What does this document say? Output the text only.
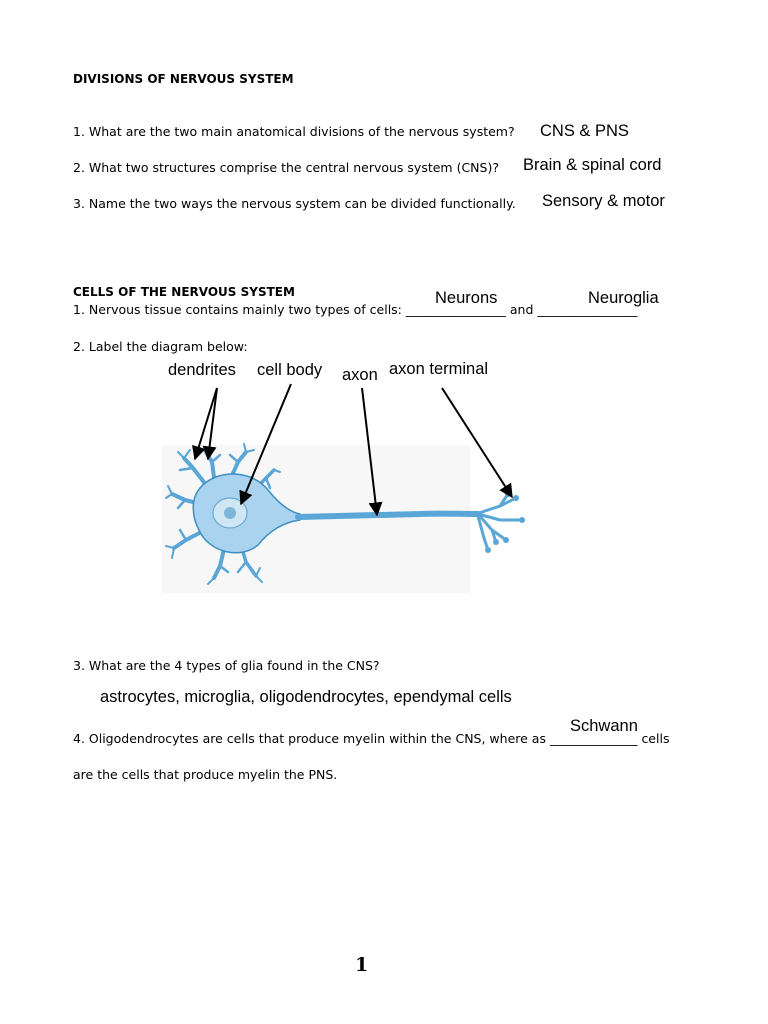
DIVISIONS OF NERVOUS SYSTEM
1. What are the two main anatomical divisions of the nervous system? CNS & PNS
2. What two structures comprise the central nervous system (CNS)? Brain & spinal cord
3. Name the two ways the nervous system can be divided functionally. Sensory & motor
CELLS OF THE NERVOUS SYSTEM
1. Nervous tissue contains mainly two types of cells: ________________ and ________________
Neurons	Neuroglia
2. Label the diagram below:
dendrites cell body axon axon terminal
3. What are the 4 types of glia found in the CNS?
astrocytes, microglia, oligodendrocytes, ependymal cells
Schwann
4. Oligodendrocytes are cells that produce myelin within the CNS, where as ______________ cells
are the cells that produce myelin the PNS.
1
